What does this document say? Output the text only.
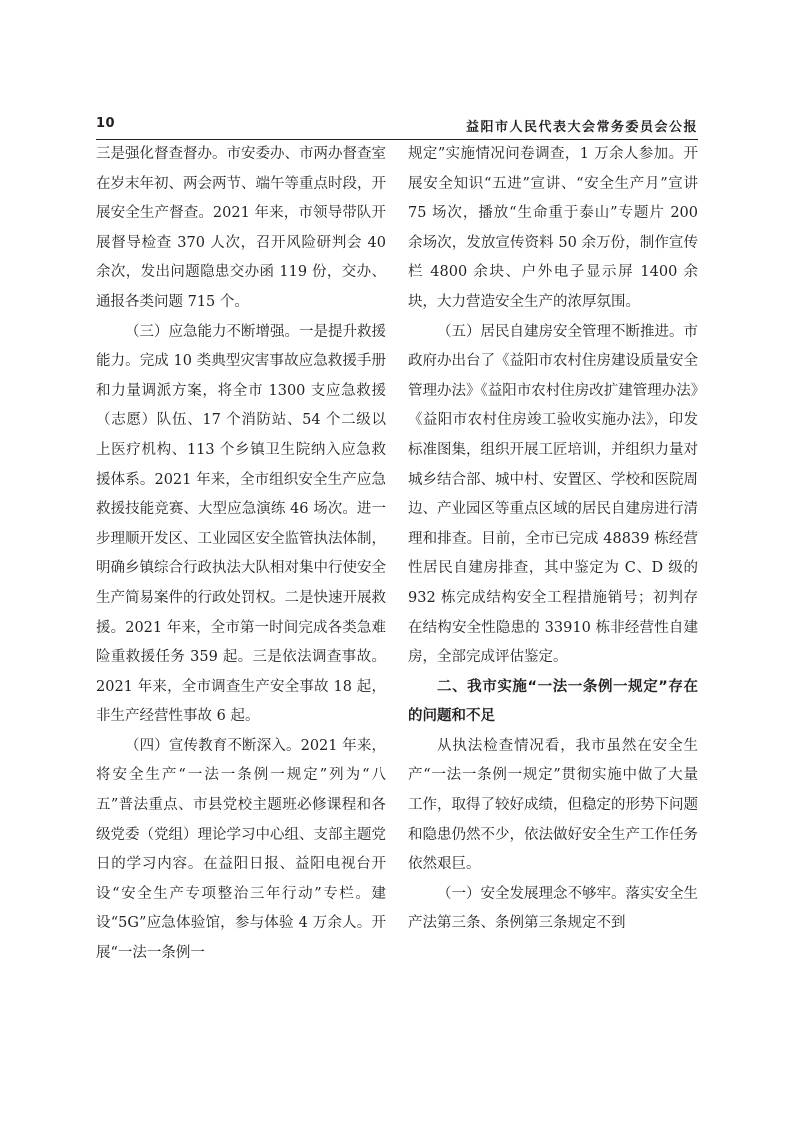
10	益阳市人民代表大会常务委员会公报

三是强化督查督办。市安委办、市两办督查室在岁末年初、两会两节、端午等重点时段，开展安全生产督查。2021 年来，市领导带队开展督导检查 370 人次，召开风险研判会 40 余次，发出问题隐患交办函 119 份，交办、通报各类问题 715 个。

（三）应急能力不断增强。一是提升救援能力。完成 10 类典型灾害事故应急救援手册和力量调派方案，将全市 1300 支应急救援（志愿）队伍、17 个消防站、54 个二级以上医疗机构、113 个乡镇卫生院纳入应急救援体系。2021 年来，全市组织安全生产应急救援技能竞赛、大型应急演练 46 场次。进一步理顺开发区、工业园区安全监管执法体制，明确乡镇综合行政执法大队相对集中行使安全生产简易案件的行政处罚权。二是快速开展救援。2021 年来，全市第一时间完成各类急难险重救援任务 359 起。三是依法调查事故。2021 年来，全市调查生产安全事故 18 起，非生产经营性事故 6 起。

（四）宣传教育不断深入。2021 年来，将安全生产“一法一条例一规定”列为“八五”普法重点、市县党校主题班必修课程和各级党委（党组）理论学习中心组、支部主题党日的学习内容。在益阳日报、益阳电视台开设“安全生产专项整治三年行动”专栏。建设“5G”应急体验馆，参与体验 4 万余人。开展“一法一条例一

规定”实施情况问卷调查，1 万余人参加。开展安全知识“五进”宣讲、“安全生产月”宣讲 75 场次，播放“生命重于泰山”专题片 200 余场次，发放宣传资料 50 余万份，制作宣传栏 4800 余块、户外电子显示屏 1400 余块，大力营造安全生产的浓厚氛围。

（五）居民自建房安全管理不断推进。市政府办出台了《益阳市农村住房建设质量安全管理办法》《益阳市农村住房改扩建管理办法》《益阳市农村住房竣工验收实施办法》，印发标准图集，组织开展工匠培训，并组织力量对城乡结合部、城中村、安置区、学校和医院周边、产业园区等重点区域的居民自建房进行清理和排查。目前，全市已完成 48839 栋经营性居民自建房排查，其中鉴定为 C、D 级的 932 栋完成结构安全工程措施销号；初判存在结构安全性隐患的 33910 栋非经营性自建房，全部完成评估鉴定。

二、我市实施“一法一条例一规定”存在的问题和不足

从执法检查情况看，我市虽然在安全生产“一法一条例一规定”贯彻实施中做了大量工作，取得了较好成绩，但稳定的形势下问题和隐患仍然不少，依法做好安全生产工作任务依然艰巨。

（一）安全发展理念不够牢。落实安全生产法第三条、条例第三条规定不到
